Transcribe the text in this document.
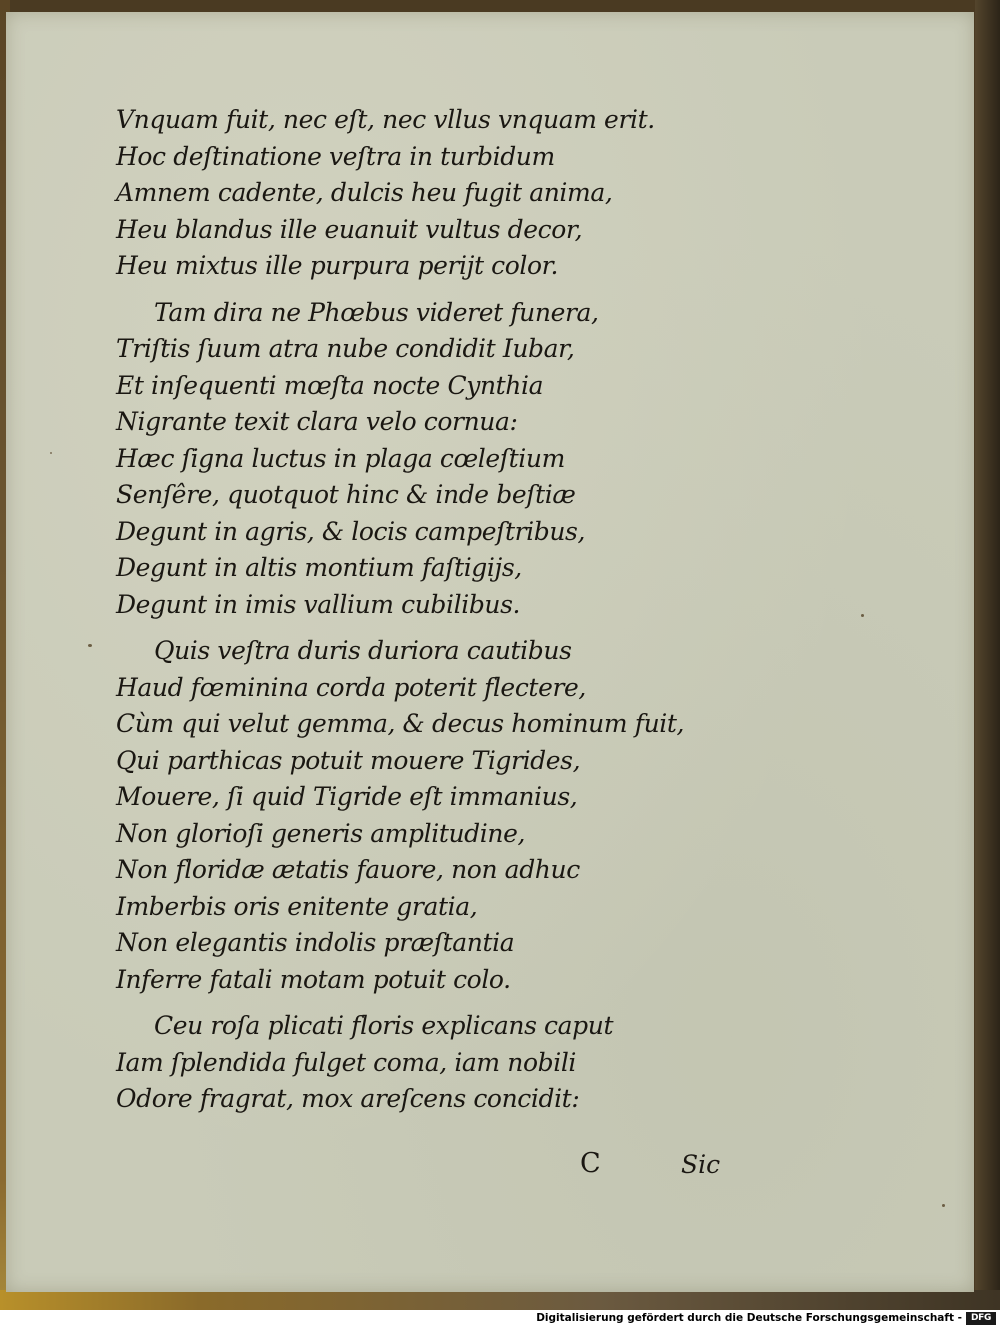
Vnquam fuit, nec eſt, nec vllus vnquam erit.
Hoc deſtinatione veſtra in turbidum
Amnem cadente, dulcis heu fugit anima,
Heu blandus ille euanuit vultus decor,
Heu mixtus ille purpura perijt color.
Tam dira ne Phœbus videret funera,
Triſtis ſuum atra nube condidit Iubar,
Et inſequenti mœſta nocte Cynthia
Nigrante texit clara velo cornua:
Hæc ſigna luctus in plaga cœleſtium
Senſêre, quotquot hinc & inde beſtiæ
Degunt in agris, & locis campeſtribus,
Degunt in altis montium faſtigijs,
Degunt in imis vallium cubilibus.
Quis veſtra duris duriora cautibus
Haud fœminina corda poterit flectere,
Cùm qui velut gemma, & decus hominum fuit,
Qui parthicas potuit mouere Tigrides,
Mouere, ſi quid Tigride eſt immanius,
Non glorioſi generis amplitudine,
Non floridæ ætatis fauore, non adhuc
Imberbis oris enitente gratia,
Non elegantis indolis præſtantia
Inferre fatali motam potuit colo.
Ceu roſa plicati floris explicans caput
Iam ſplendida fulget coma, iam nobili
Odore fragrat, mox areſcens concidit:
C	Sic
Digitalisierung gefördert durch die Deutsche Forschungsgemeinschaft - DFG
